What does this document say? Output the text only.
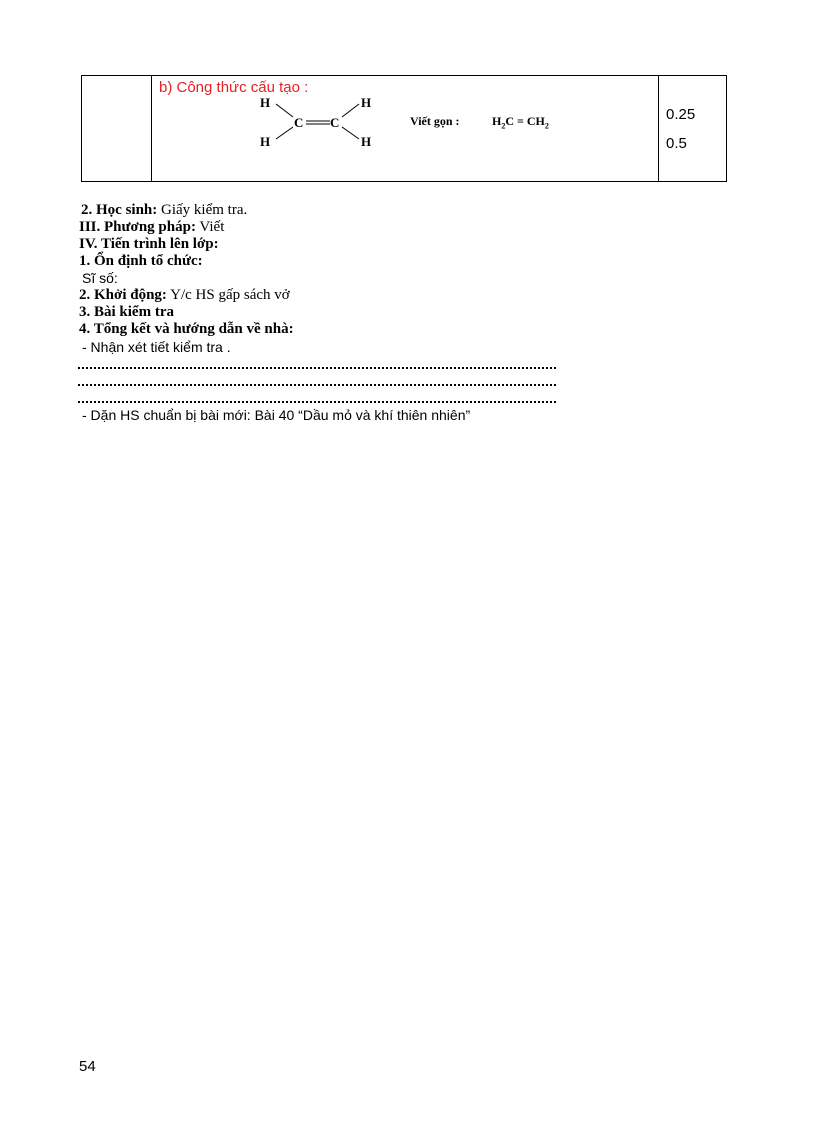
b) Công thức cấu tạo :
H	H
H	H
C C	Viết gọn :	$H_2C = CH_2$
0.25
0.5
2. Học sinh: Giấy kiểm tra.
III. Phương pháp: Viết
IV. Tiến trình lên lớp:
1. Ổn định tổ chức:
Sĩ số:
2. Khởi động: Y/c HS gấp sách vở
3. Bài kiểm tra
4. Tổng kết và hướng dẫn về nhà:
- Nhận xét tiết kiểm tra .
- Dặn HS chuẩn bị bài mới: Bài 40 “Dầu mỏ và khí thiên nhiên”
54
